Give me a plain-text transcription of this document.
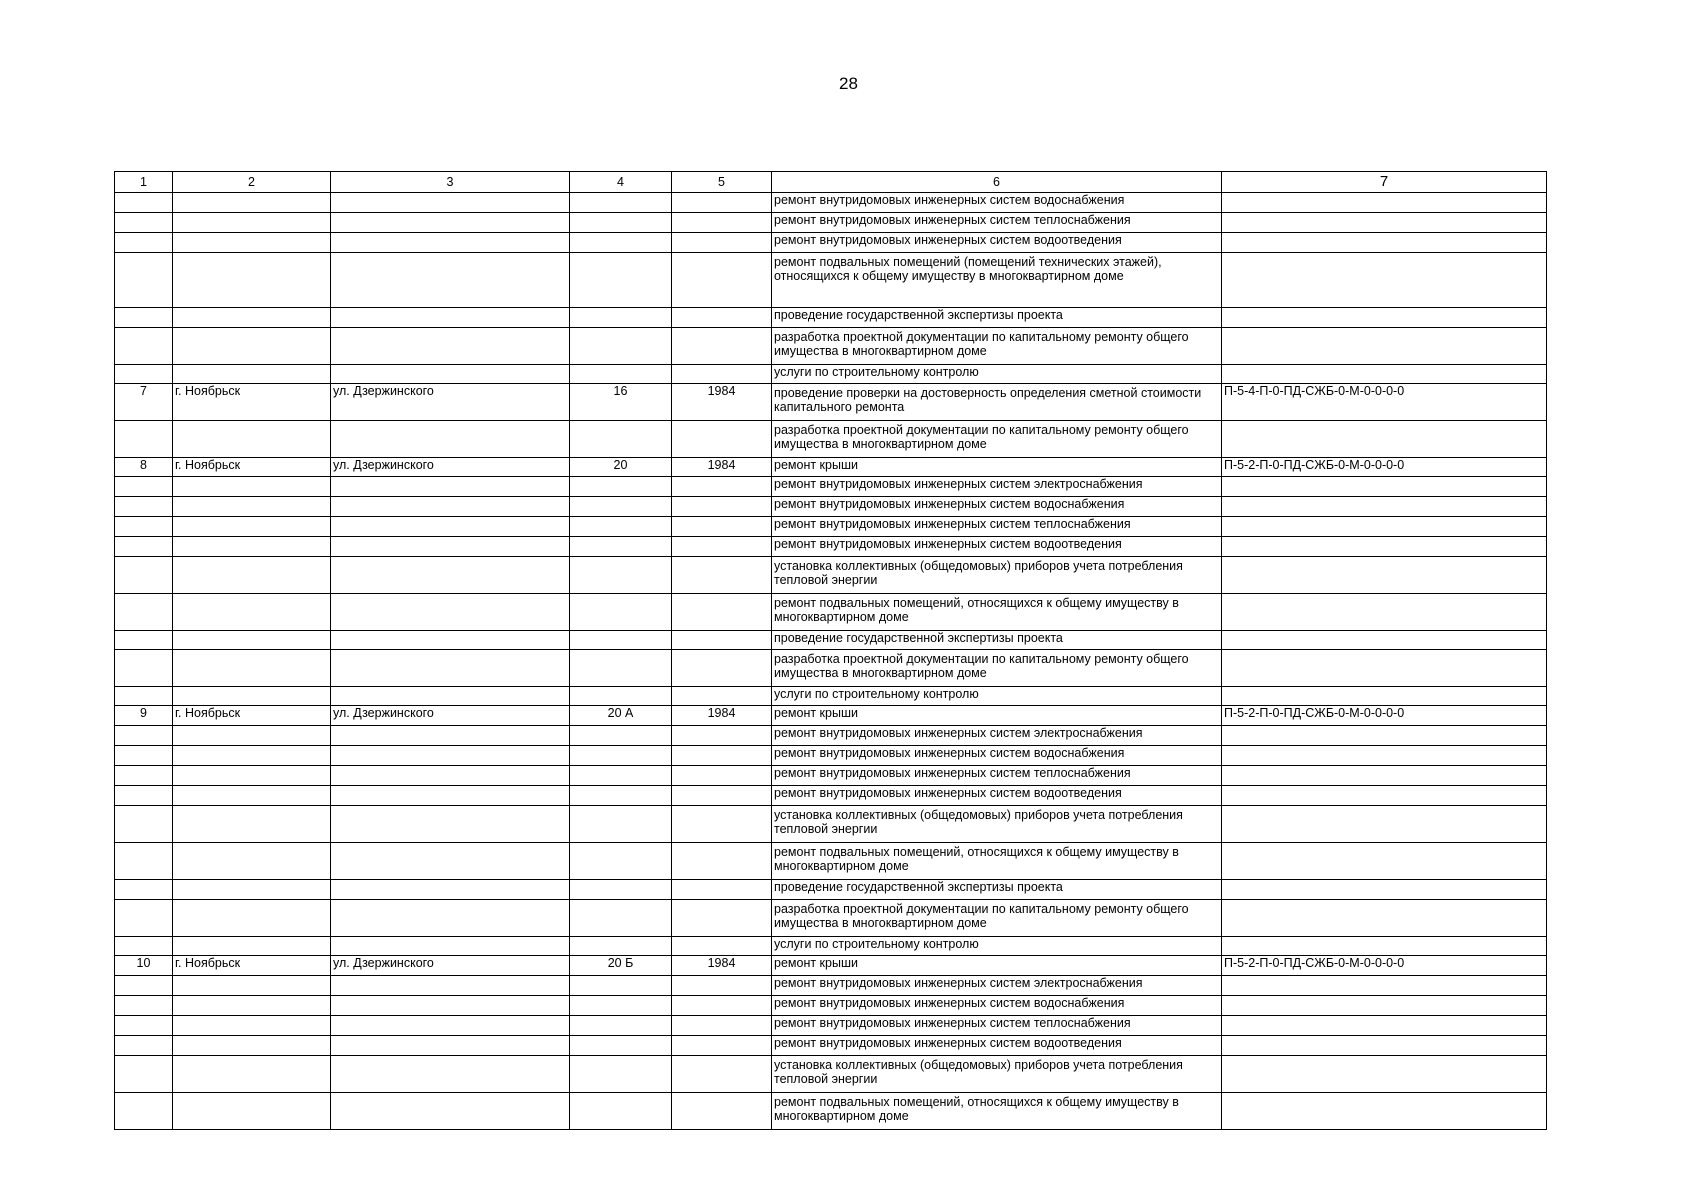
28
1	2	3	4	5	6	7
					ремонт внутридомовых инженерных систем водоснабжения	
					ремонт внутридомовых инженерных систем теплоснабжения	
					ремонт внутридомовых инженерных систем водоотведения	
					ремонт подвальных помещений (помещений технических этажей), относящихся к общему имуществу в многоквартирном доме	
					проведение государственной экспертизы проекта	
					разработка проектной документации по капитальному ремонту общего имущества в многоквартирном доме	
					услуги по строительному контролю	
7	г. Ноябрьск	ул. Дзержинского	16	1984	проведение проверки на достоверность определения сметной стоимости капитального ремонта	П-5-4-П-0-ПД-СЖБ-0-М-0-0-0-0
					разработка проектной документации по капитальному ремонту общего имущества в многоквартирном доме	
8	г. Ноябрьск	ул. Дзержинского	20	1984	ремонт крыши	П-5-2-П-0-ПД-СЖБ-0-М-0-0-0-0
					ремонт внутридомовых инженерных систем электроснабжения	
					ремонт внутридомовых инженерных систем водоснабжения	
					ремонт внутридомовых инженерных систем теплоснабжения	
					ремонт внутридомовых инженерных систем водоотведения	
					установка коллективных (общедомовых) приборов учета потребления тепловой энергии	
					ремонт подвальных помещений, относящихся к общему имуществу в многоквартирном доме	
					проведение государственной экспертизы проекта	
					разработка проектной документации по капитальному ремонту общего имущества в многоквартирном доме	
					услуги по строительному контролю	
9	г. Ноябрьск	ул. Дзержинского	20 А	1984	ремонт крыши	П-5-2-П-0-ПД-СЖБ-0-М-0-0-0-0
					ремонт внутридомовых инженерных систем электроснабжения	
					ремонт внутридомовых инженерных систем водоснабжения	
					ремонт внутридомовых инженерных систем теплоснабжения	
					ремонт внутридомовых инженерных систем водоотведения	
					установка коллективных (общедомовых) приборов учета потребления тепловой энергии	
					ремонт подвальных помещений, относящихся к общему имуществу в многоквартирном доме	
					проведение государственной экспертизы проекта	
					разработка проектной документации по капитальному ремонту общего имущества в многоквартирном доме	
					услуги по строительному контролю	
10	г. Ноябрьск	ул. Дзержинского	20 Б	1984	ремонт крыши	П-5-2-П-0-ПД-СЖБ-0-М-0-0-0-0
					ремонт внутридомовых инженерных систем электроснабжения	
					ремонт внутридомовых инженерных систем водоснабжения	
					ремонт внутридомовых инженерных систем теплоснабжения	
					ремонт внутридомовых инженерных систем водоотведения	
					установка коллективных (общедомовых) приборов учета потребления тепловой энергии	
					ремонт подвальных помещений, относящихся к общему имуществу в многоквартирном доме	
